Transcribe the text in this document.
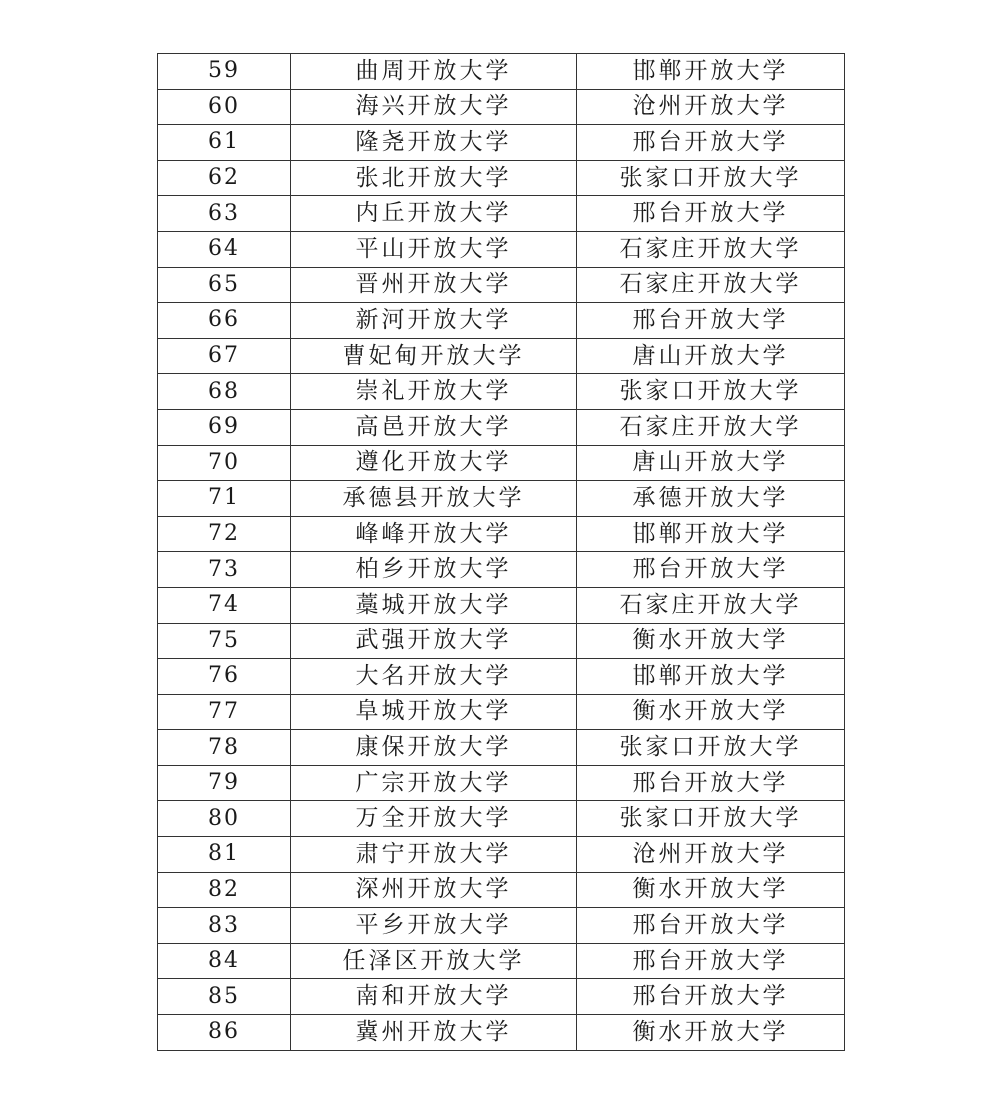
59	曲周开放大学	邯郸开放大学
60	海兴开放大学	沧州开放大学
61	隆尧开放大学	邢台开放大学
62	张北开放大学	张家口开放大学
63	内丘开放大学	邢台开放大学
64	平山开放大学	石家庄开放大学
65	晋州开放大学	石家庄开放大学
66	新河开放大学	邢台开放大学
67	曹妃甸开放大学	唐山开放大学
68	崇礼开放大学	张家口开放大学
69	高邑开放大学	石家庄开放大学
70	遵化开放大学	唐山开放大学
71	承德县开放大学	承德开放大学
72	峰峰开放大学	邯郸开放大学
73	柏乡开放大学	邢台开放大学
74	藁城开放大学	石家庄开放大学
75	武强开放大学	衡水开放大学
76	大名开放大学	邯郸开放大学
77	阜城开放大学	衡水开放大学
78	康保开放大学	张家口开放大学
79	广宗开放大学	邢台开放大学
80	万全开放大学	张家口开放大学
81	肃宁开放大学	沧州开放大学
82	深州开放大学	衡水开放大学
83	平乡开放大学	邢台开放大学
84	任泽区开放大学	邢台开放大学
85	南和开放大学	邢台开放大学
86	冀州开放大学	衡水开放大学
